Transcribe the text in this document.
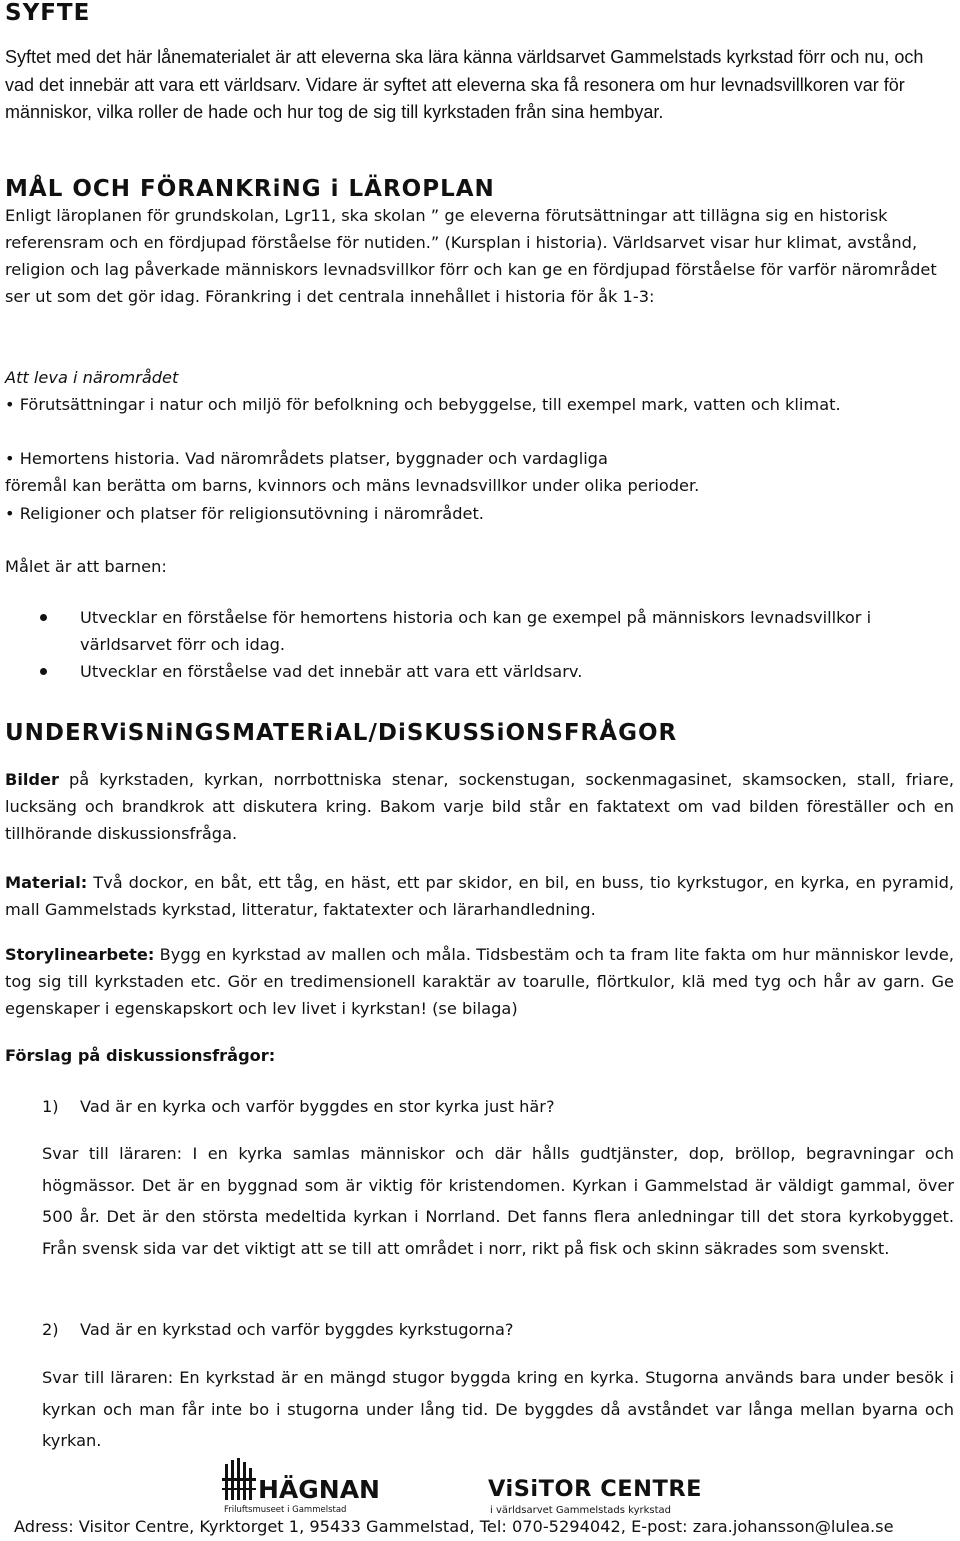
SYFTE

Syftet med det här lånematerialet är att eleverna ska lära känna världsarvet Gammelstads kyrkstad förr och nu, och vad det innebär att vara ett världsarv. Vidare är syftet att eleverna ska få resonera om hur levnadsvillkoren var för människor, vilka roller de hade och hur tog de sig till kyrkstaden från sina hembyar.

MÅL OCH FÖRANKRiNG i LÄROPLAN

Enligt läroplanen för grundskolan, Lgr11, ska skolan ” ge eleverna förutsättningar att tillägna sig en historisk referensram och en fördjupad förståelse för nutiden.” (Kursplan i historia). Världsarvet visar hur klimat, avstånd, religion och lag påverkade människors levnadsvillkor förr och kan ge en fördjupad förståelse för varför närområdet ser ut som det gör idag. Förankring i det centrala innehållet i historia för åk 1-3:

Att leva i närområdet
• Förutsättningar i natur och miljö för befolkning och bebyggelse, till exempel mark, vatten och klimat.
• Hemortens historia. Vad närområdets platser, byggnader och vardagliga
föremål kan berätta om barns, kvinnors och mäns levnadsvillkor under olika perioder.
• Religioner och platser för religionsutövning i närområdet.
Målet är att barnen:
Utvecklar en förståelse för hemortens historia och kan ge exempel på människors levnadsvillkor i världsarvet förr och idag.
Utvecklar en förståelse vad det innebär att vara ett världsarv.
UNDERViSNiNGSMATERiAL/DiSKUSSiONSFRÅGOR

Bilder på kyrkstaden, kyrkan, norrbottniska stenar, sockenstugan, sockenmagasinet, skamsocken, stall, friare, lucksäng och brandkrok att diskutera kring. Bakom varje bild står en faktatext om vad bilden föreställer och en tillhörande diskussionsfråga.

Material: Två dockor, en båt, ett tåg, en häst, ett par skidor, en bil, en buss, tio kyrkstugor, en kyrka, en pyramid, mall Gammelstads kyrkstad, litteratur, faktatexter och lärarhandledning.

Storylinearbete: Bygg en kyrkstad av mallen och måla. Tidsbestäm och ta fram lite fakta om hur människor levde, tog sig till kyrkstaden etc. Gör en tredimensionell karaktär av toarulle, flörtkulor, klä med tyg och hår av garn. Ge egenskaper i egenskapskort och lev livet i kyrkstan! (se bilaga)

Förslag på diskussionsfrågor:
1) Vad är en kyrka och varför byggdes en stor kyrka just här?

Svar till läraren: I en kyrka samlas människor och där hålls gudtjänster, dop, bröllop, begravningar och högmässor. Det är en byggnad som är viktig för kristendomen. Kyrkan i Gammelstad är väldigt gammal, över 500 år. Det är den största medeltida kyrkan i Norrland. Det fanns flera anledningar till det stora kyrkobygget. Från svensk sida var det viktigt att se till att området i norr, rikt på fisk och skinn säkrades som svenskt.

2) Vad är en kyrkstad och varför byggdes kyrkstugorna?

Svar till läraren: En kyrkstad är en mängd stugor byggda kring en kyrka. Stugorna används bara under besök i kyrkan och man får inte bo i stugorna under lång tid. De byggdes då avståndet var långa mellan byarna och kyrkan.

HÄGNAN
Friluftsmuseet i Gammelstad
ViSiTOR CENTRE
i världsarvet Gammelstads kyrkstad
Adress: Visitor Centre, Kyrktorget 1, 95433 Gammelstad, Tel: 070-5294042, E-post: zara.johansson@lulea.se
